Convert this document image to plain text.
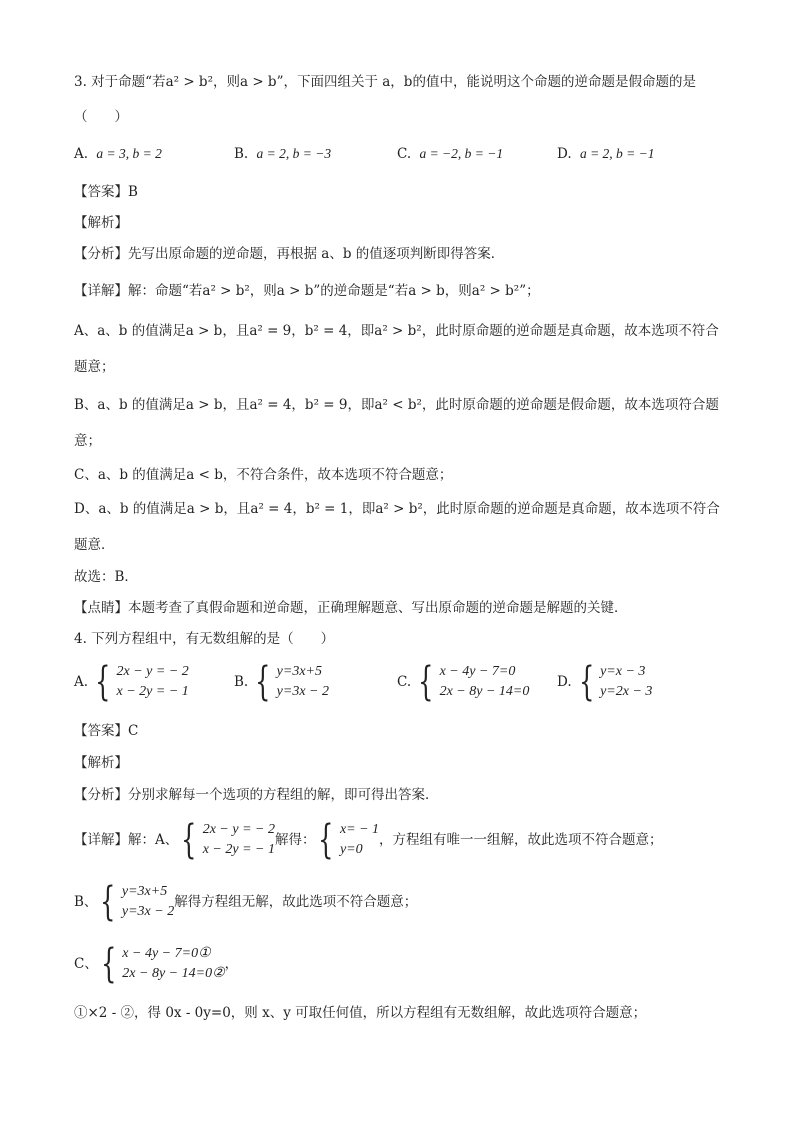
3. 对于命题“若a² > b²，则a > b”，下面四组关于 a，b的值中，能说明这个命题的逆命题是假命题的是
（　　）
A. a = 3, b = 2	B. a = 2, b = −3	C. a = −2, b = −1	D. a = 2, b = −1
【答案】B
【解析】
【分析】先写出原命题的逆命题，再根据 a、b 的值逐项判断即得答案．
【详解】解：命题“若a² > b²，则a > b”的逆命题是“若a > b，则a² > b²”；
A、a、b 的值满足a > b，且a² = 9，b² = 4，即a² > b²，此时原命题的逆命题是真命题，故本选项不符合
题意；
B、a、b 的值满足a > b，且a² = 4，b² = 9，即a² < b²，此时原命题的逆命题是假命题，故本选项符合题
意；
C、a、b 的值满足a < b，不符合条件，故本选项不符合题意；
D、a、b 的值满足a > b，且a² = 4，b² = 1，即a² > b²，此时原命题的逆命题是真命题，故本选项不符合
题意．
故选：B．
【点睛】本题考查了真假命题和逆命题，正确理解题意、写出原命题的逆命题是解题的关键．
4. 下列方程组中，有无数组解的是（　　）
A. { 2x − y = − 2
x − 2y = − 1
B. { y=3x+5
y=3x − 2
C. { x − 4y − 7=0
2x − 8y − 14=0
D. { y=x − 3
y=2x − 3
【答案】C
【解析】
【分析】分别求解每一个选项的方程组的解，即可得出答案．
【详解】解：A、 { 2x − y = − 2
x − 2y = − 1
解得： { x= − 1
y=0
，方程组有唯一一组解，故此选项不符合题意；
B、 { y=3x+5
y=3x − 2
解得方程组无解，故此选项不符合题意；
C、 { x − 4y − 7=0①
2x − 8y − 14=0②
，
①×2 - ②，得 0x - 0y=0，则 x、y 可取任何值，所以方程组有无数组解，故此选项符合题意；
